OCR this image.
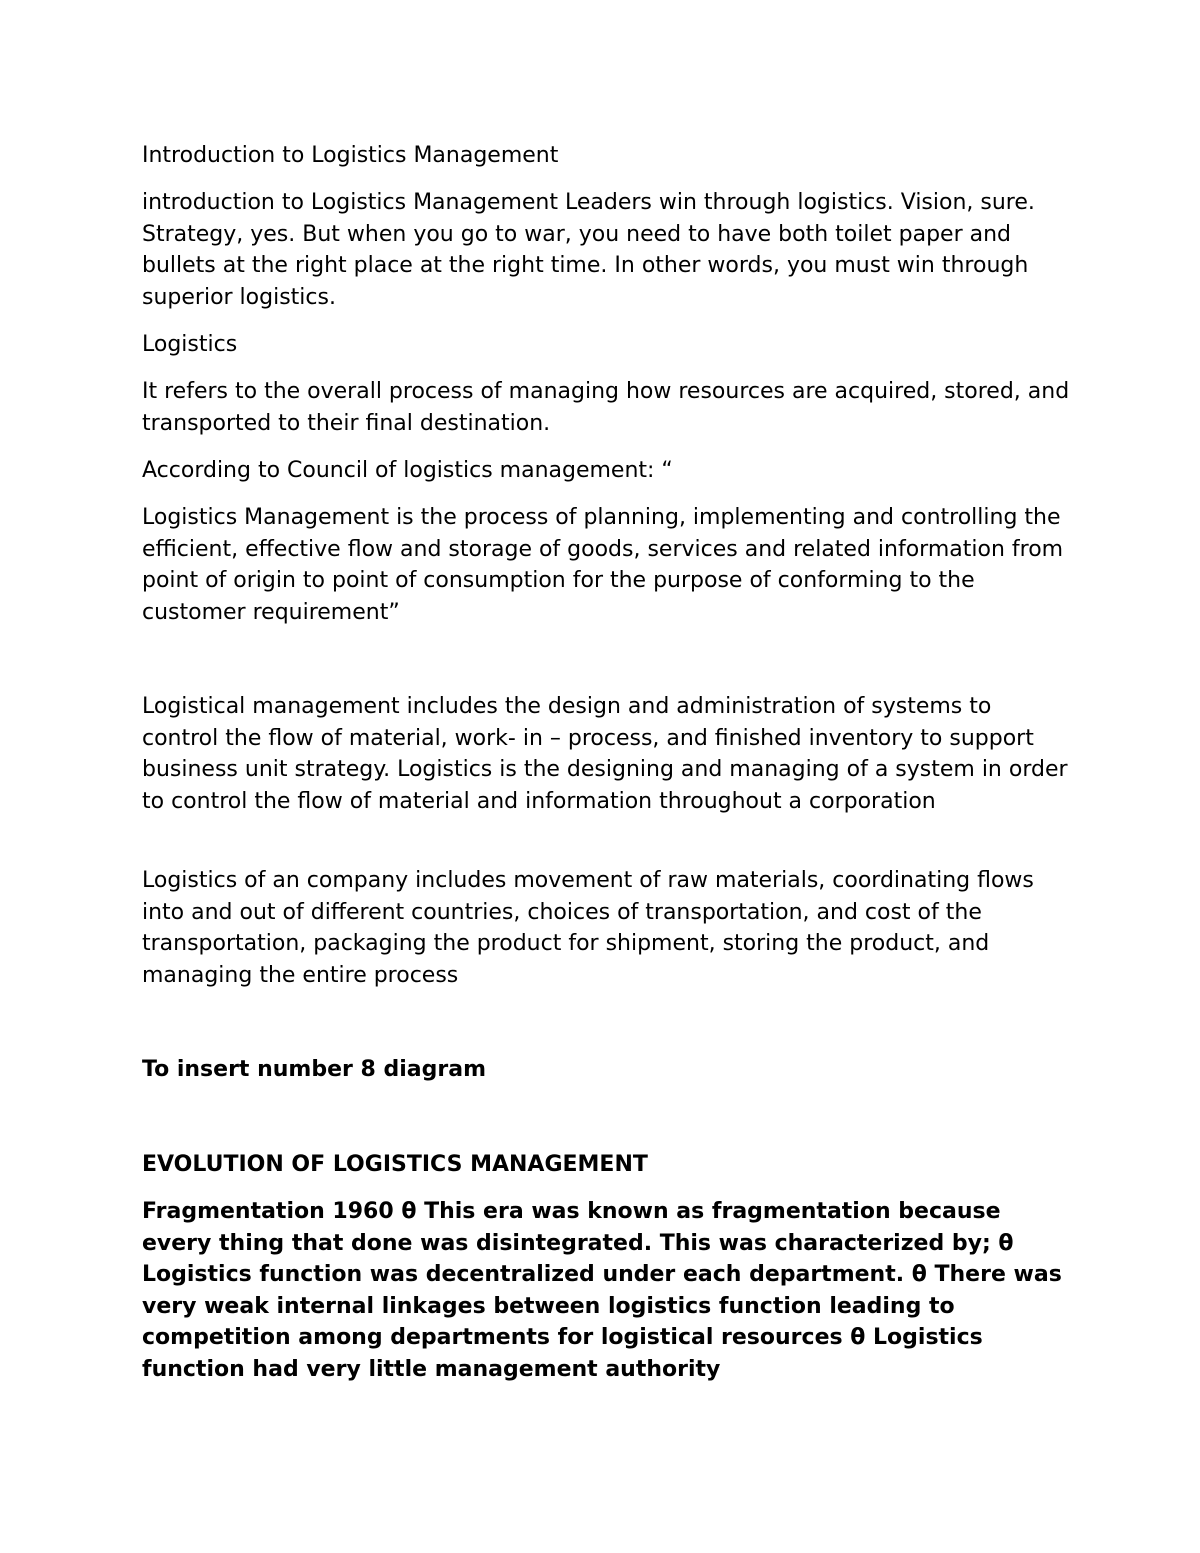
Introduction to Logistics Management

introduction to Logistics Management Leaders win through logistics. Vision, sure. Strategy, yes. But when you go to war, you need to have both toilet paper and bullets at the right place at the right time. In other words, you must win through superior logistics.

Logistics

It refers to the overall process of managing how resources are acquired, stored, and transported to their final destination.

According to Council of logistics management: “

Logistics Management is the process of planning, implementing and controlling the efficient, effective flow and storage of goods, services and related information from point of origin to point of consumption for the purpose of conforming to the customer requirement”

Logistical management includes the design and administration of systems to control the flow of material, work- in – process, and finished inventory to support business unit strategy. Logistics is the designing and managing of a system in order to control the flow of material and information throughout a corporation

Logistics of an company includes movement of raw materials, coordinating flows into and out of different countries, choices of transportation, and cost of the transportation, packaging the product for shipment, storing the product, and managing the entire process

To insert number 8 diagram

EVOLUTION OF LOGISTICS MANAGEMENT

Fragmentation 1960 θ This era was known as fragmentation because every thing that done was disintegrated. This was characterized by; θ Logistics function was decentralized under each department. θ There was very weak internal linkages between logistics function leading to competition among departments for logistical resources θ Logistics function had very little management authority
